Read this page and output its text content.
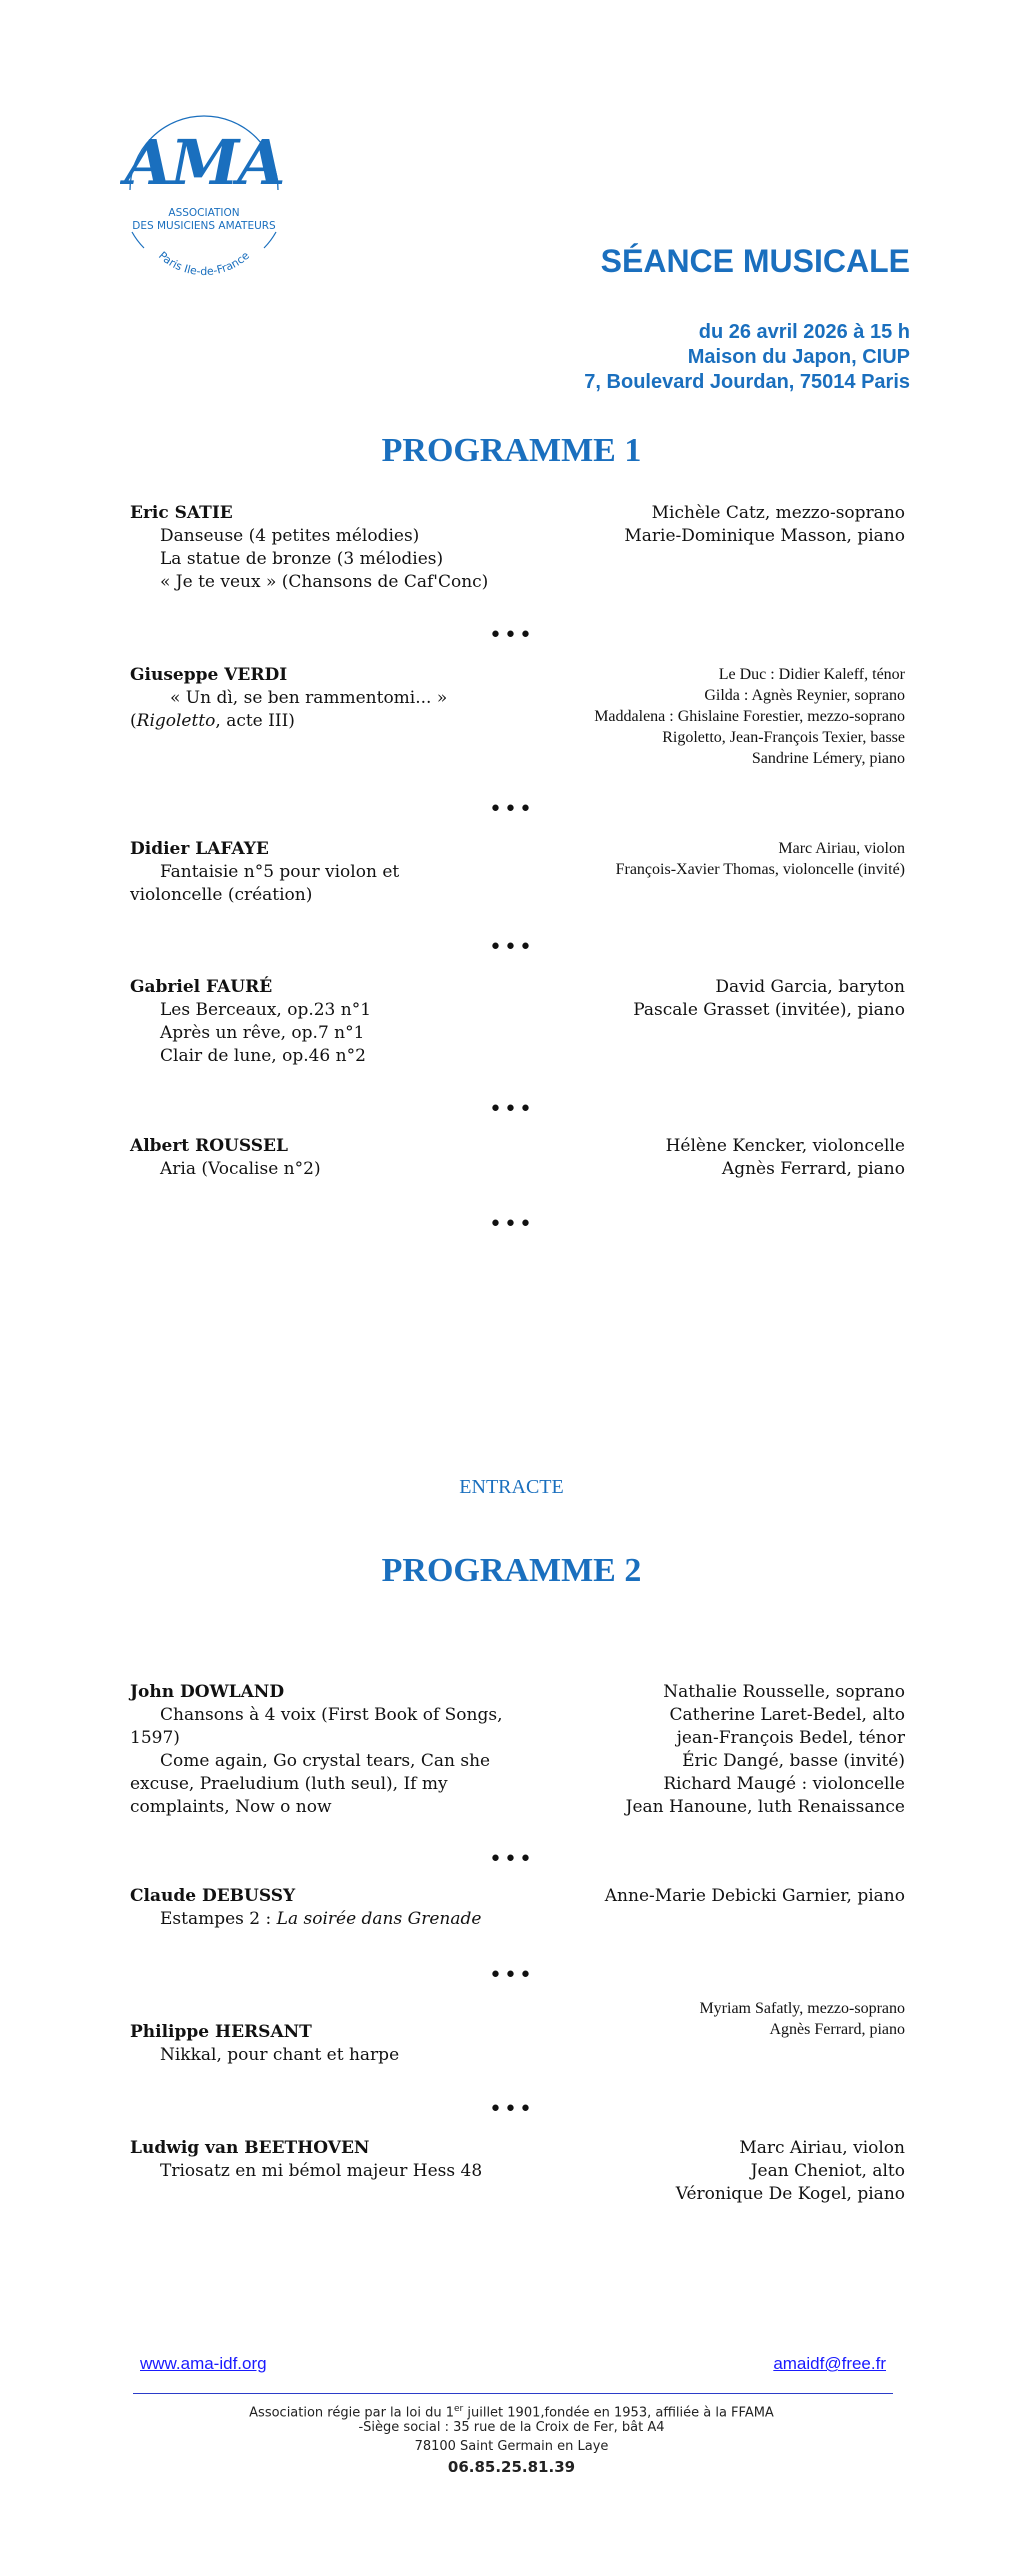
AMA
ASSOCIATION
DES MUSICIENS AMATEURS
Paris Ile-de-France	SÉANCE MUSICALE
du 26 avril 2026 à 15 h
Maison du Japon, CIUP
7, Boulevard Jourdan, 75014 Paris
PROGRAMME 1
Eric SATIE
Danseuse (4 petites mélodies)
La statue de bronze (3 mélodies)
« Je te veux » (Chansons de Caf'Conc)
Michèle Catz, mezzo-soprano
Marie-Dominique Masson, piano
•••
Giuseppe VERDI
« Un dì, se ben rammentomi... »
(Rigoletto, acte III)
Le Duc : Didier Kaleff, ténor
Gilda : Agnès Reynier, soprano
Maddalena : Ghislaine Forestier, mezzo-soprano
Rigoletto, Jean-François Texier, basse
Sandrine Lémery, piano
•••
Didier LAFAYE
Fantaisie n°5 pour violon et violoncelle (création)
Marc Airiau, violon
François-Xavier Thomas, violoncelle (invité)
•••
Gabriel FAURÉ
Les Berceaux, op.23 n°1
Après un rêve, op.7 n°1
Clair de lune, op.46 n°2
David Garcia, baryton
Pascale Grasset (invitée), piano
•••
Albert ROUSSEL
Aria (Vocalise n°2)
Hélène Kencker, violoncelle
Agnès Ferrard, piano
•••
ENTRACTE
PROGRAMME 2
John DOWLAND
Chansons à 4 voix (First Book of Songs, 1597)
Come again, Go crystal tears, Can she excuse, Praeludium (luth seul), If my complaints, Now o now
Nathalie Rousselle, soprano
Catherine Laret-Bedel, alto
jean-François Bedel, ténor
Éric Dangé, basse (invité)
Richard Maugé : violoncelle
Jean Hanoune, luth Renaissance
•••
Claude DEBUSSY
Estampes 2 : La soirée dans Grenade
Anne-Marie Debicki Garnier, piano
•••
Myriam Safatly, mezzo-soprano
Agnès Ferrard, piano
Philippe HERSANT
Nikkal, pour chant et harpe
•••
Ludwig van BEETHOVEN
Triosatz en mi bémol majeur Hess 48
Marc Airiau, violon
Jean Cheniot, alto
Véronique De Kogel, piano
www.ama-idf.org	amaidf@free.fr
Association régie par la loi du 1er juillet 1901,fondée en 1953, affiliée à la FFAMA
-Siège social : 35 rue de la Croix de Fer, bât A4
78100 Saint Germain en Laye
06.85.25.81.39
